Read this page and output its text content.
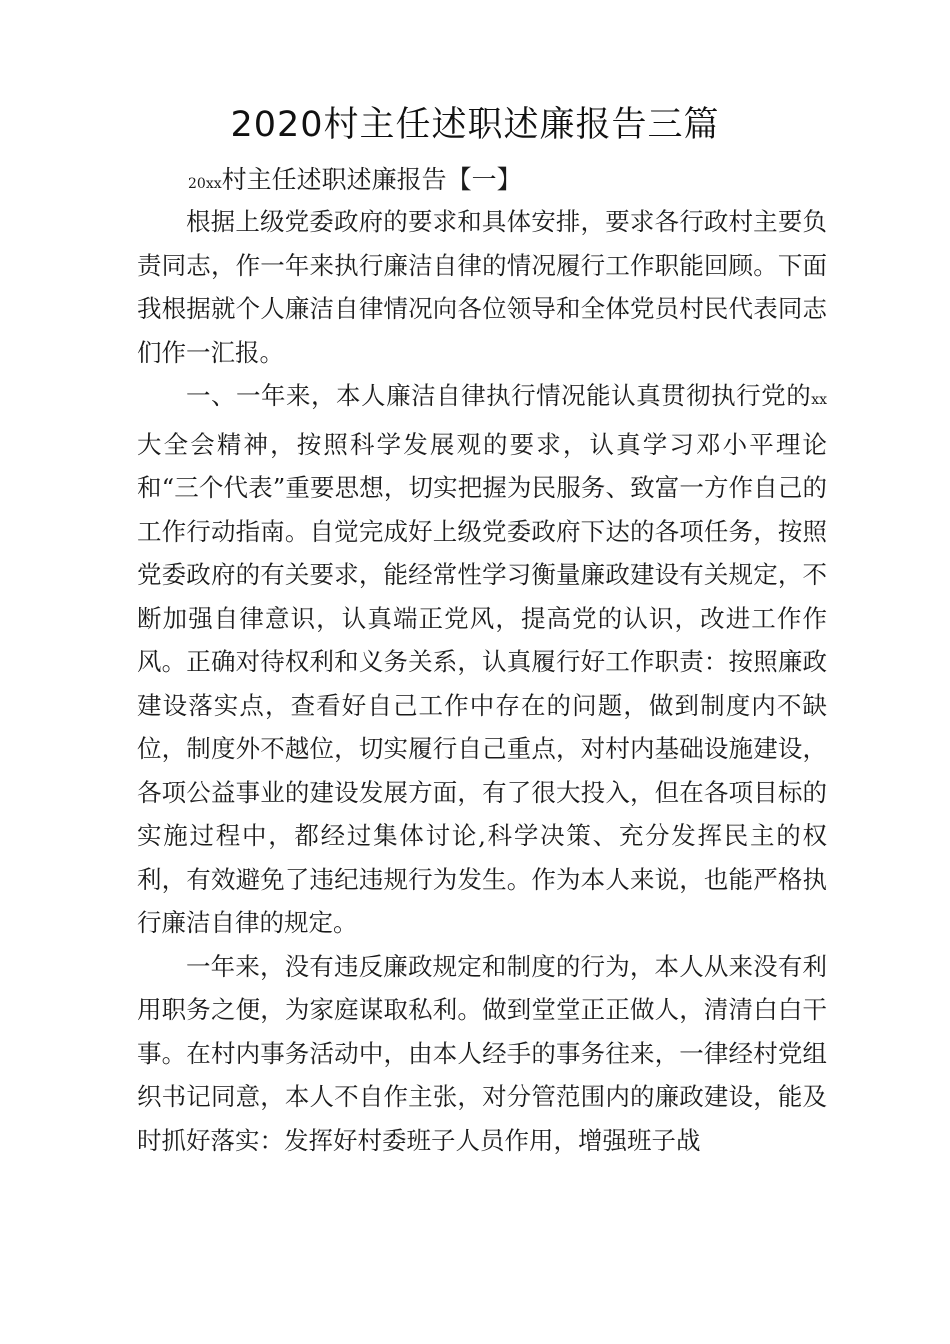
2020村主任述职述廉报告三篇
20xx村主任述职述廉报告【一】

根据上级党委政府的要求和具体安排，要求各行政村主要负责同志，作一年来执行廉洁自律的情况履行工作职能回顾。下面我根据就个人廉洁自律情况向各位领导和全体党员村民代表同志们作一汇报。

一、一年来，本人廉洁自律执行情况能认真贯彻执行党的xx大全会精神，按照科学发展观的要求，认真学习邓小平理论和“三个代表”重要思想，切实把握为民服务、致富一方作自己的工作行动指南。自觉完成好上级党委政府下达的各项任务，按照党委政府的有关要求，能经常性学习衡量廉政建设有关规定，不断加强自律意识，认真端正党风，提高党的认识，改进工作作风。正确对待权利和义务关系，认真履行好工作职责：按照廉政建设落实点，查看好自己工作中存在的问题，做到制度内不缺位，制度外不越位，切实履行自己重点，对村内基础设施建设，各项公益事业的建设发展方面，有了很大投入，但在各项目标的实施过程中，都经过集体讨论,科学决策、充分发挥民主的权利，有效避免了违纪违规行为发生。作为本人来说，也能严格执行廉洁自律的规定。

一年来，没有违反廉政规定和制度的行为，本人从来没有利用职务之便，为家庭谋取私利。做到堂堂正正做人，清清白白干事。在村内事务活动中，由本人经手的事务往来，一律经村党组织书记同意，本人不自作主张，对分管范围内的廉政建设，能及时抓好落实：发挥好村委班子人员作用，增强班子战
